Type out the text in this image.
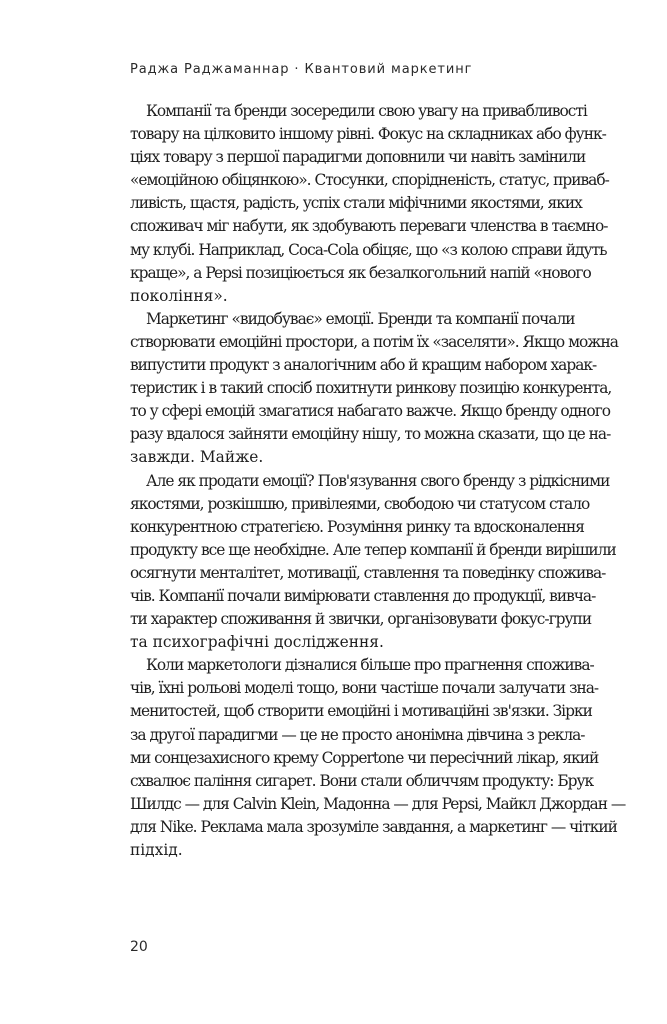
Раджа Раджаманнар · Квантовий маркетинг
Компанії та бренди зосередили свою увагу на привабливості
товару на цілковито іншому рівні. Фокус на складниках або функ-
ціях товару з першої парадигми доповнили чи навіть замінили
«емоційною обіцянкою». Стосунки, спорідненість, статус, приваб-
ливість, щастя, радість, успіх стали міфічними якостями, яких
споживач міг набути, як здобувають переваги членства в таємно-
му клубі. Наприклад, Coca-Cola обіцяє, що «з колою справи йдуть
краще», а Pepsi позиціюється як безалкогольний напій «нового
покоління».
Маркетинг «видобуває» емоції. Бренди та компанії почали
створювати емоційні простори, а потім їх «заселяти». Якщо можна
випустити продукт з аналогічним або й кращим набором харак-
теристик і в такий спосіб похитнути ринкову позицію конкурента,
то у сфері емоцій змагатися набагато важче. Якщо бренду одного
разу вдалося зайняти емоційну нішу, то можна сказати, що це на-
завжди. Майже.
Але як продати емоції? Пов'язування свого бренду з рідкісними
якостями, розкішшю, привілеями, свободою чи статусом стало
конкурентною стратегією. Розуміння ринку та вдосконалення
продукту все ще необхідне. Але тепер компанії й бренди вирішили
осягнути менталітет, мотивації, ставлення та поведінку спожива-
чів. Компанії почали вимірювати ставлення до продукції, вивча-
ти характер споживання й звички, організовувати фокус-групи
та психографічні дослідження.
Коли маркетологи дізналися більше про прагнення спожива-
чів, їхні рольові моделі тощо, вони частіше почали залучати зна-
менитостей, щоб створити емоційні і мотиваційні зв'язки. Зірки
за другої парадигми — це не просто анонімна дівчина з рекла-
ми сонцезахисного крему Coppertone чи пересічний лікар, який
схвалює паління сигарет. Вони стали обличчям продукту: Брук
Шилдс — для Calvin Klein, Мадонна — для Pepsi, Майкл Джордан —
для Nike. Реклама мала зрозуміле завдання, а маркетинг — чіткий
підхід.
20
